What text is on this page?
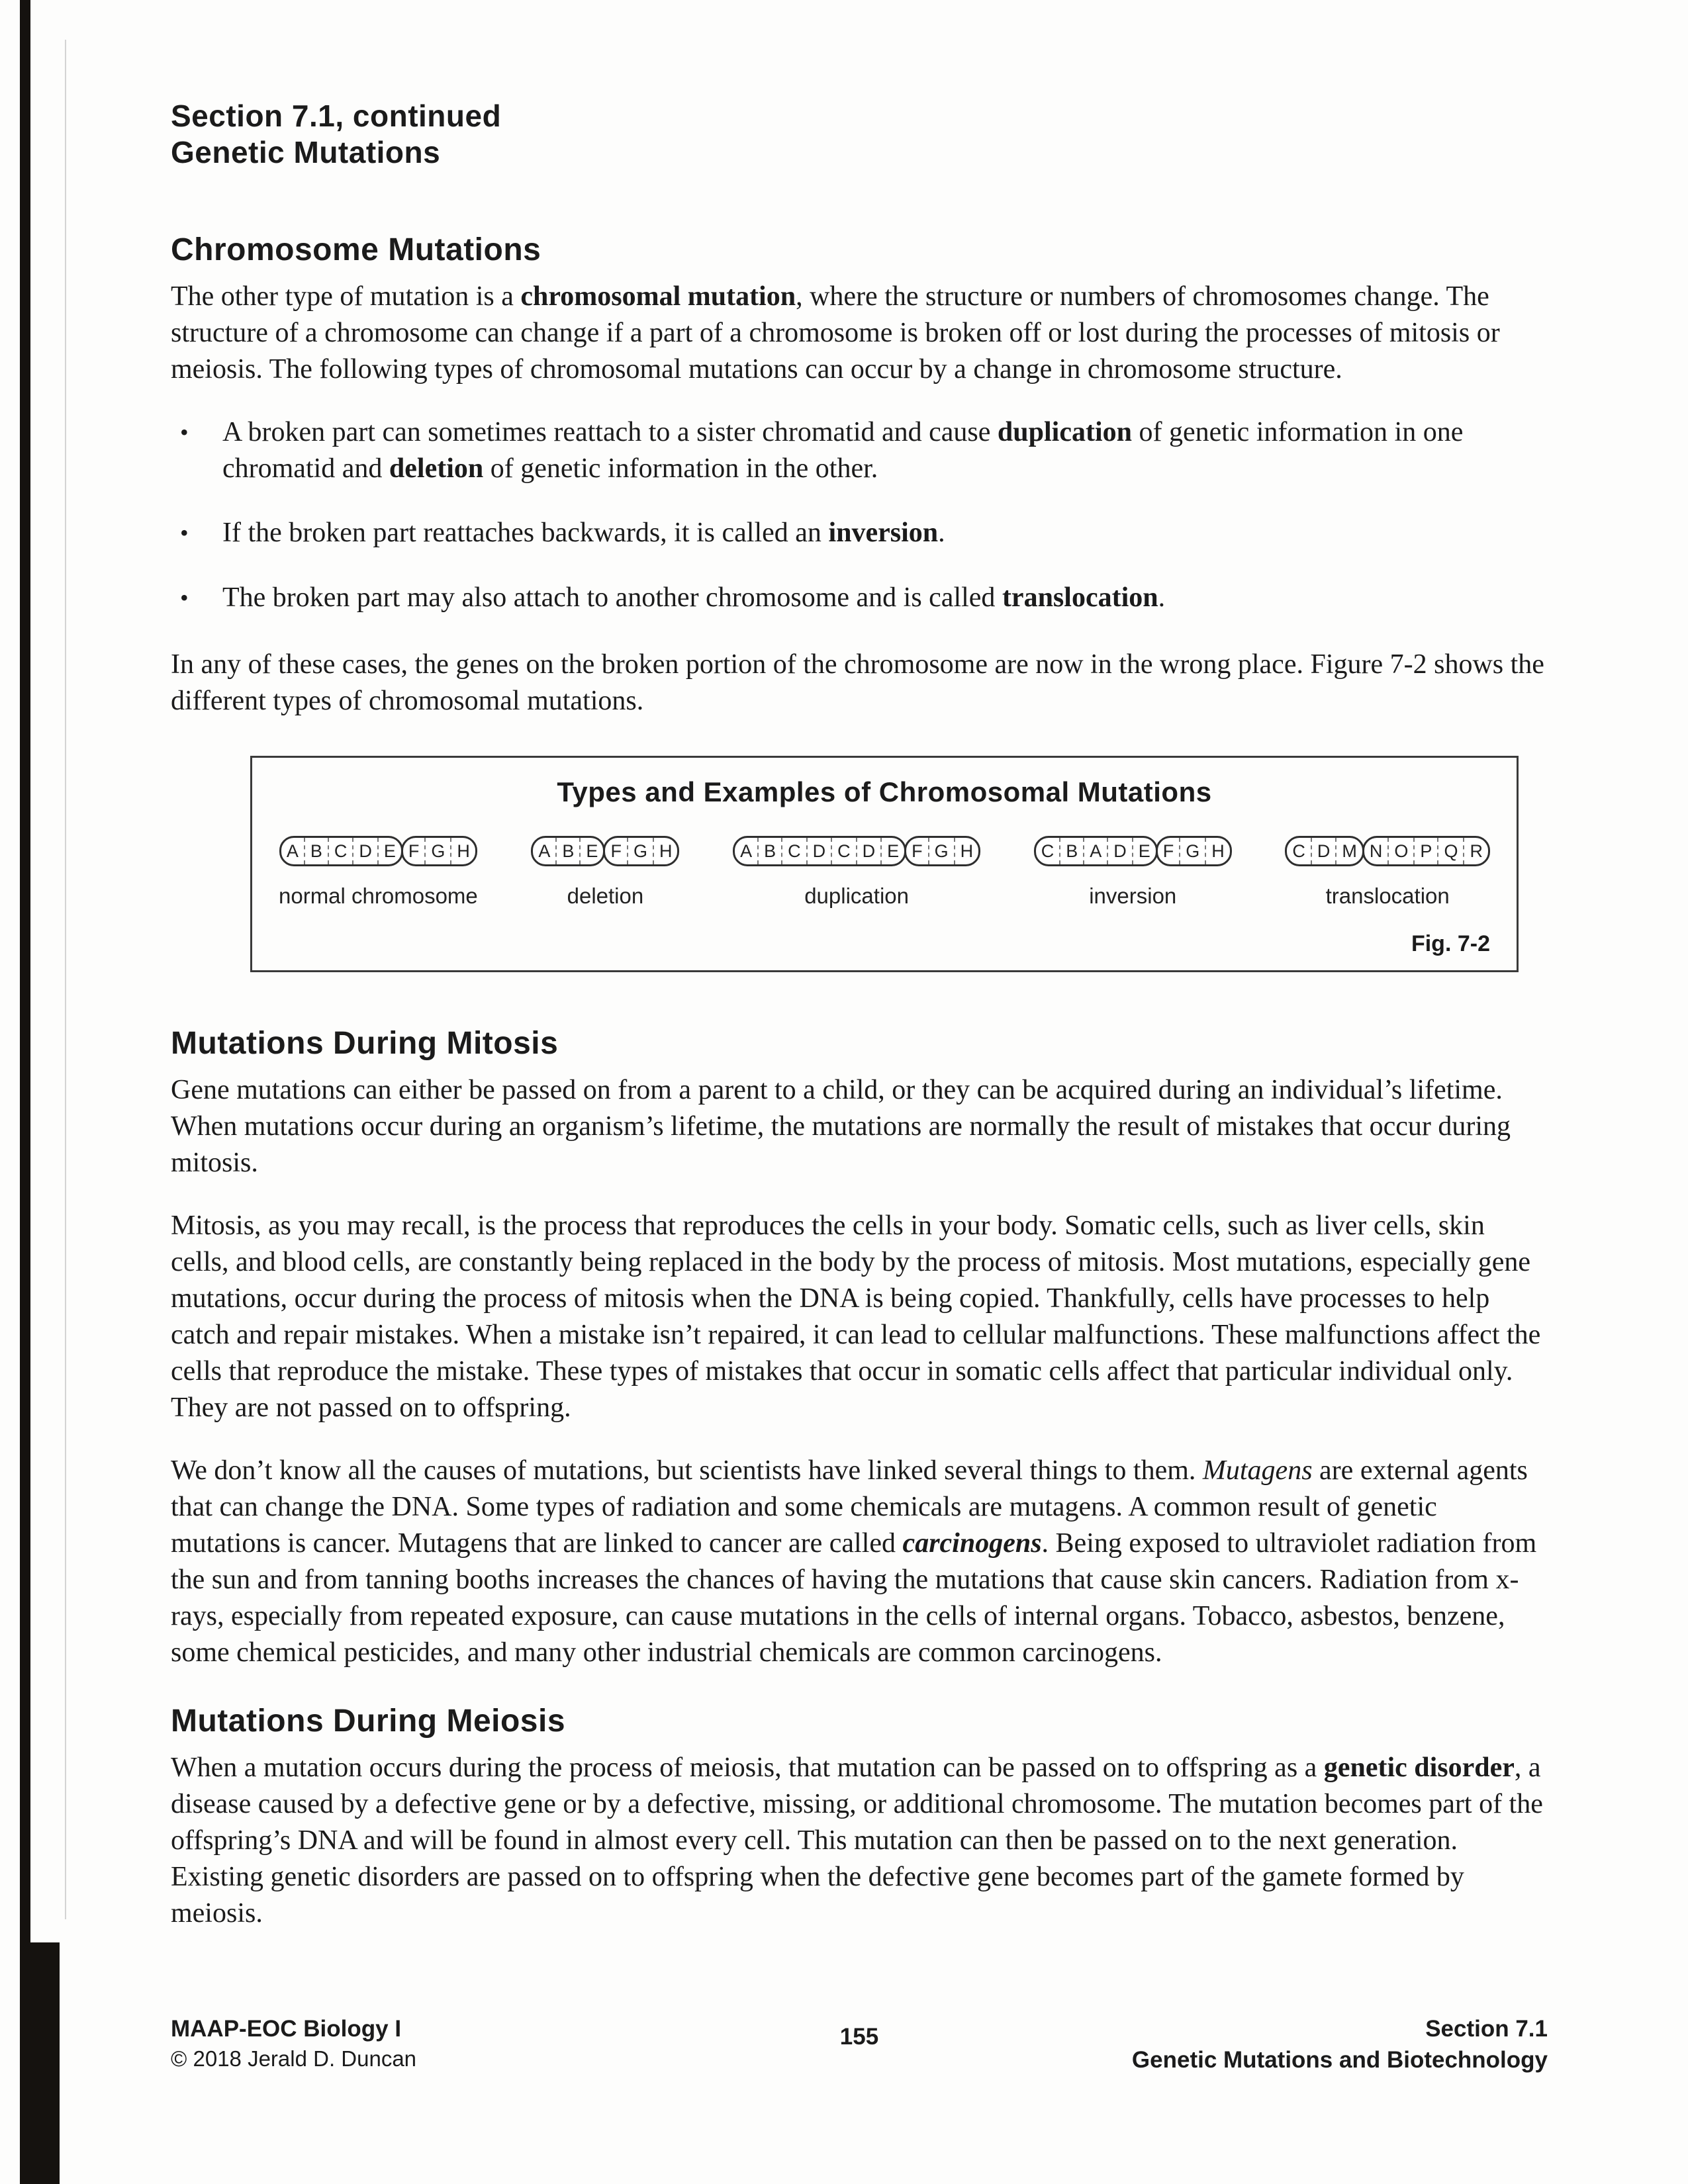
Section 7.1, continued
Genetic Mutations
Chromosome Mutations

The other type of mutation is a chromosomal mutation, where the structure or numbers of chromosomes change. The structure of a chromosome can change if a part of a chromosome is broken off or lost during the processes of mitosis or meiosis. The following types of chromosomal mutations can occur by a change in chromosome structure.

•	A broken part can sometimes reattach to a sister chromatid and cause duplication of genetic information in one chromatid and deletion of genetic information in the other.
•	If the broken part reattaches backwards, it is called an inversion.
•	The broken part may also attach to another chromosome and is called translocation.

In any of these cases, the genes on the broken portion of the chromosome are now in the wrong place. Figure 7-2 shows the different types of chromosomal mutations.

Types and Examples of Chromosomal Mutations
A B C D E F G H
normal chromosome
A B E F G H
deletion
A B C D C D E F G H
duplication
C B A D E F G H
inversion
C D M N O P Q R
translocation
Fig. 7-2
Mutations During Mitosis

Gene mutations can either be passed on from a parent to a child, or they can be acquired during an individual’s lifetime. When mutations occur during an organism’s lifetime, the mutations are normally the result of mistakes that occur during mitosis.

Mitosis, as you may recall, is the process that reproduces the cells in your body. Somatic cells, such as liver cells, skin cells, and blood cells, are constantly being replaced in the body by the process of mitosis. Most mutations, especially gene mutations, occur during the process of mitosis when the DNA is being copied. Thankfully, cells have processes to help catch and repair mistakes. When a mistake isn’t repaired, it can lead to cellular malfunctions. These malfunctions affect the cells that reproduce the mistake. These types of mistakes that occur in somatic cells affect that particular individual only. They are not passed on to offspring.

We don’t know all the causes of mutations, but scientists have linked several things to them. Mutagens are external agents that can change the DNA. Some types of radiation and some chemicals are mutagens. A common result of genetic mutations is cancer. Mutagens that are linked to cancer are called carcinogens. Being exposed to ultraviolet radiation from the sun and from tanning booths increases the chances of having the mutations that cause skin cancers. Radiation from x-rays, especially from repeated exposure, can cause mutations in the cells of internal organs. Tobacco, asbestos, benzene, some chemical pesticides, and many other industrial chemicals are common carcinogens.

Mutations During Meiosis

When a mutation occurs during the process of meiosis, that mutation can be passed on to offspring as a genetic disorder, a disease caused by a defective gene or by a defective, missing, or additional chromosome. The mutation becomes part of the offspring’s DNA and will be found in almost every cell. This mutation can then be passed on to the next generation. Existing genetic disorders are passed on to offspring when the defective gene becomes part of the gamete formed by meiosis.

MAAP-EOC Biology I
© 2018 Jerald D. Duncan
155	Section 7.1
Genetic Mutations and Biotechnology
